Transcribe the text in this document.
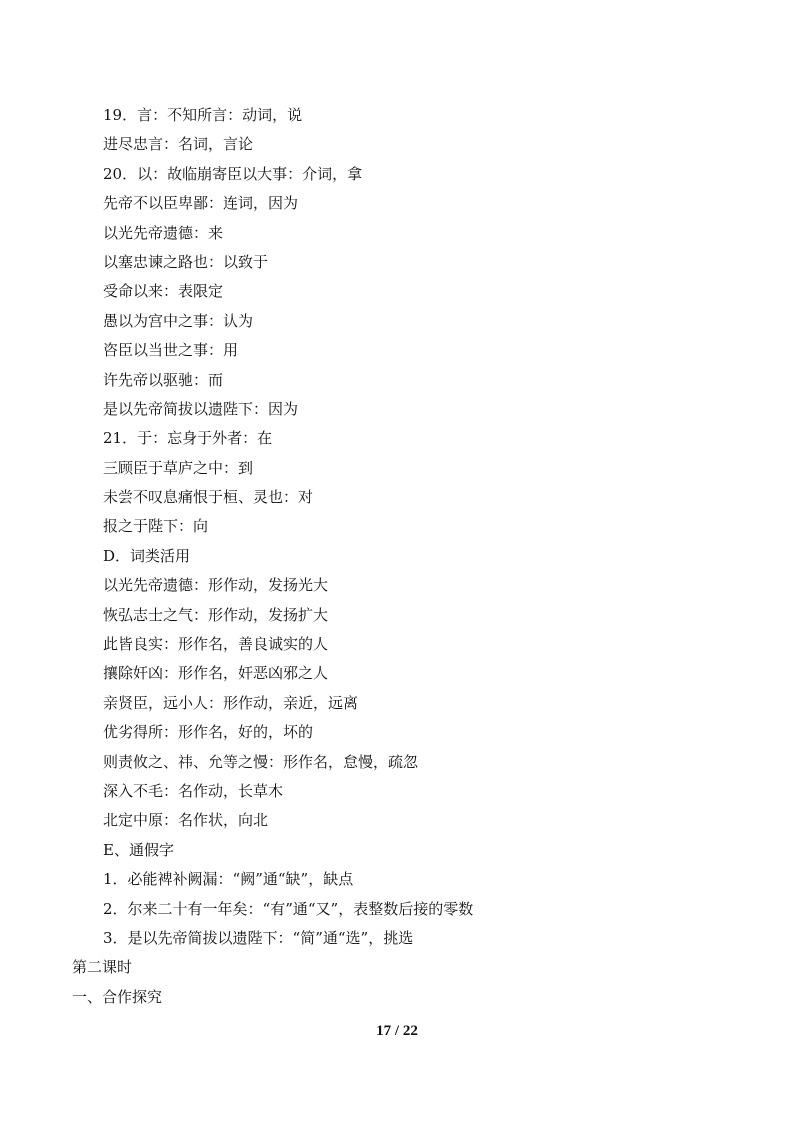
19．言：不知所言：动词，说
进尽忠言：名词，言论
20．以：故临崩寄臣以大事：介词，拿
先帝不以臣卑鄙：连词，因为
以光先帝遗德：来
以塞忠谏之路也：以致于
受命以来：表限定
愚以为宫中之事：认为
咨臣以当世之事：用
许先帝以驱驰：而
是以先帝简拔以遗陛下：因为
21．于：忘身于外者：在
三顾臣于草庐之中：到
未尝不叹息痛恨于桓、灵也：对
报之于陛下：向
D．词类活用
以光先帝遗德：形作动，发扬光大
恢弘志士之气：形作动，发扬扩大
此皆良实：形作名，善良诚实的人
攘除奸凶：形作名，奸恶凶邪之人
亲贤臣，远小人：形作动，亲近，远离
优劣得所：形作名，好的，坏的
则责攸之、祎、允等之慢：形作名，怠慢，疏忽
深入不毛：名作动，长草木
北定中原：名作状，向北
E、通假字
1．必能裨补阙漏：“阙”通“缺”，缺点
2．尔来二十有一年矣：“有”通“又”，表整数后接的零数
3．是以先帝简拔以遗陛下：“简”通“选”，挑选
第二课时
一、合作探究
17 / 22
